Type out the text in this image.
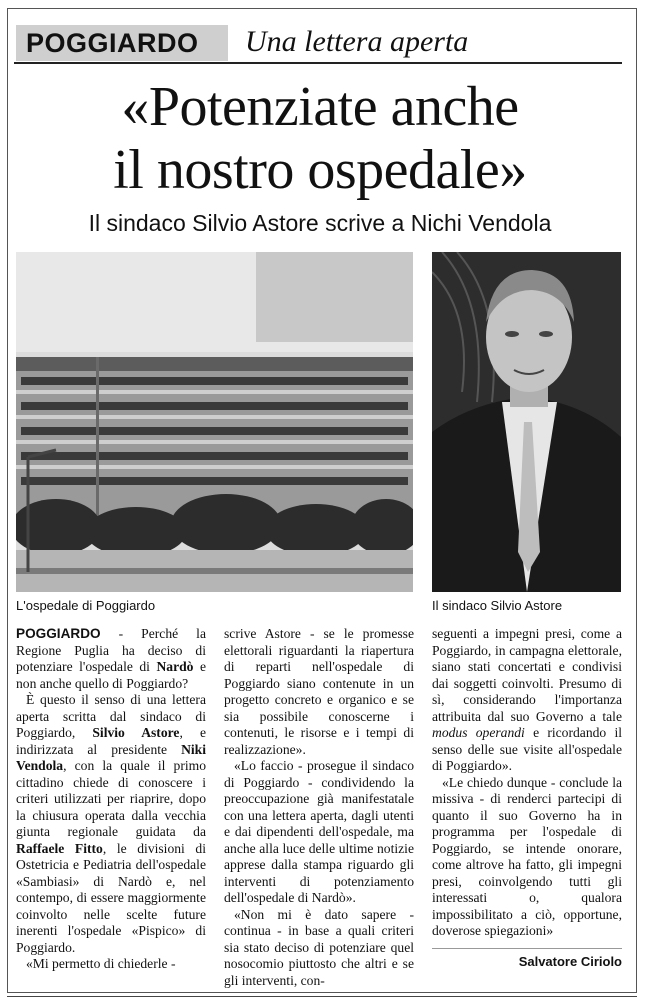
POGGIARDO	Una lettera aperta
«Potenziate anche
il nostro ospedale»
Il sindaco Silvio Astore scrive a Nichi Vendola
L'ospedale di Poggiardo	Il sindaco Silvio Astore

POGGIARDO - Perché la Regione Puglia ha deciso di potenziare l'ospedale di Nardò e non anche quello di Poggiardo?

È questo il senso di una lettera aperta scritta dal sindaco di Poggiardo, Silvio Astore, e indirizzata al presidente Niki Vendola, con la quale il primo cittadino chiede di conoscere i criteri utilizzati per riaprire, dopo la chiusura operata dalla vecchia giunta regionale guidata da Raffaele Fitto, le divisioni di Ostetricia e Pediatria dell'ospedale «Sambiasi» di Nardò e, nel contempo, di essere maggiormente coinvolto nelle scelte future inerenti l'ospedale «Pispico» di Poggiardo.

«Mi permetto di chiederle -

scrive Astore - se le promesse elettorali riguardanti la riapertura di reparti nell'ospedale di Poggiardo siano contenute in un progetto concreto e organico e se sia possibile conoscerne i contenuti, le risorse e i tempi di realizzazione».

«Lo faccio - prosegue il sindaco di Poggiardo - condividendo la preoccupazione già manifestatale con una lettera aperta, dagli utenti e dai dipendenti dell'ospedale, ma anche alla luce delle ultime notizie apprese dalla stampa riguardo gli interventi di potenziamento dell'ospedale di Nardò».

«Non mi è dato sapere - continua - in base a quali criteri sia stato deciso di potenziare quel nosocomio piuttosto che altri e se gli interventi, con-

seguenti a impegni presi, come a Poggiardo, in campagna elettorale, siano stati concertati e condivisi dai soggetti coinvolti. Presumo di sì, considerando l'importanza attribuita dal suo Governo a tale modus operandi e ricordando il senso delle sue visite all'ospedale di Poggiardo».

«Le chiedo dunque - conclude la missiva - di renderci partecipi di quanto il suo Governo ha in programma per l'ospedale di Poggiardo, se intende onorare, come altrove ha fatto, gli impegni presi, coinvolgendo tutti gli interessati o, qualora impossibilitato a ciò, opportune, doverose spiegazioni»

Salvatore Ciriolo
